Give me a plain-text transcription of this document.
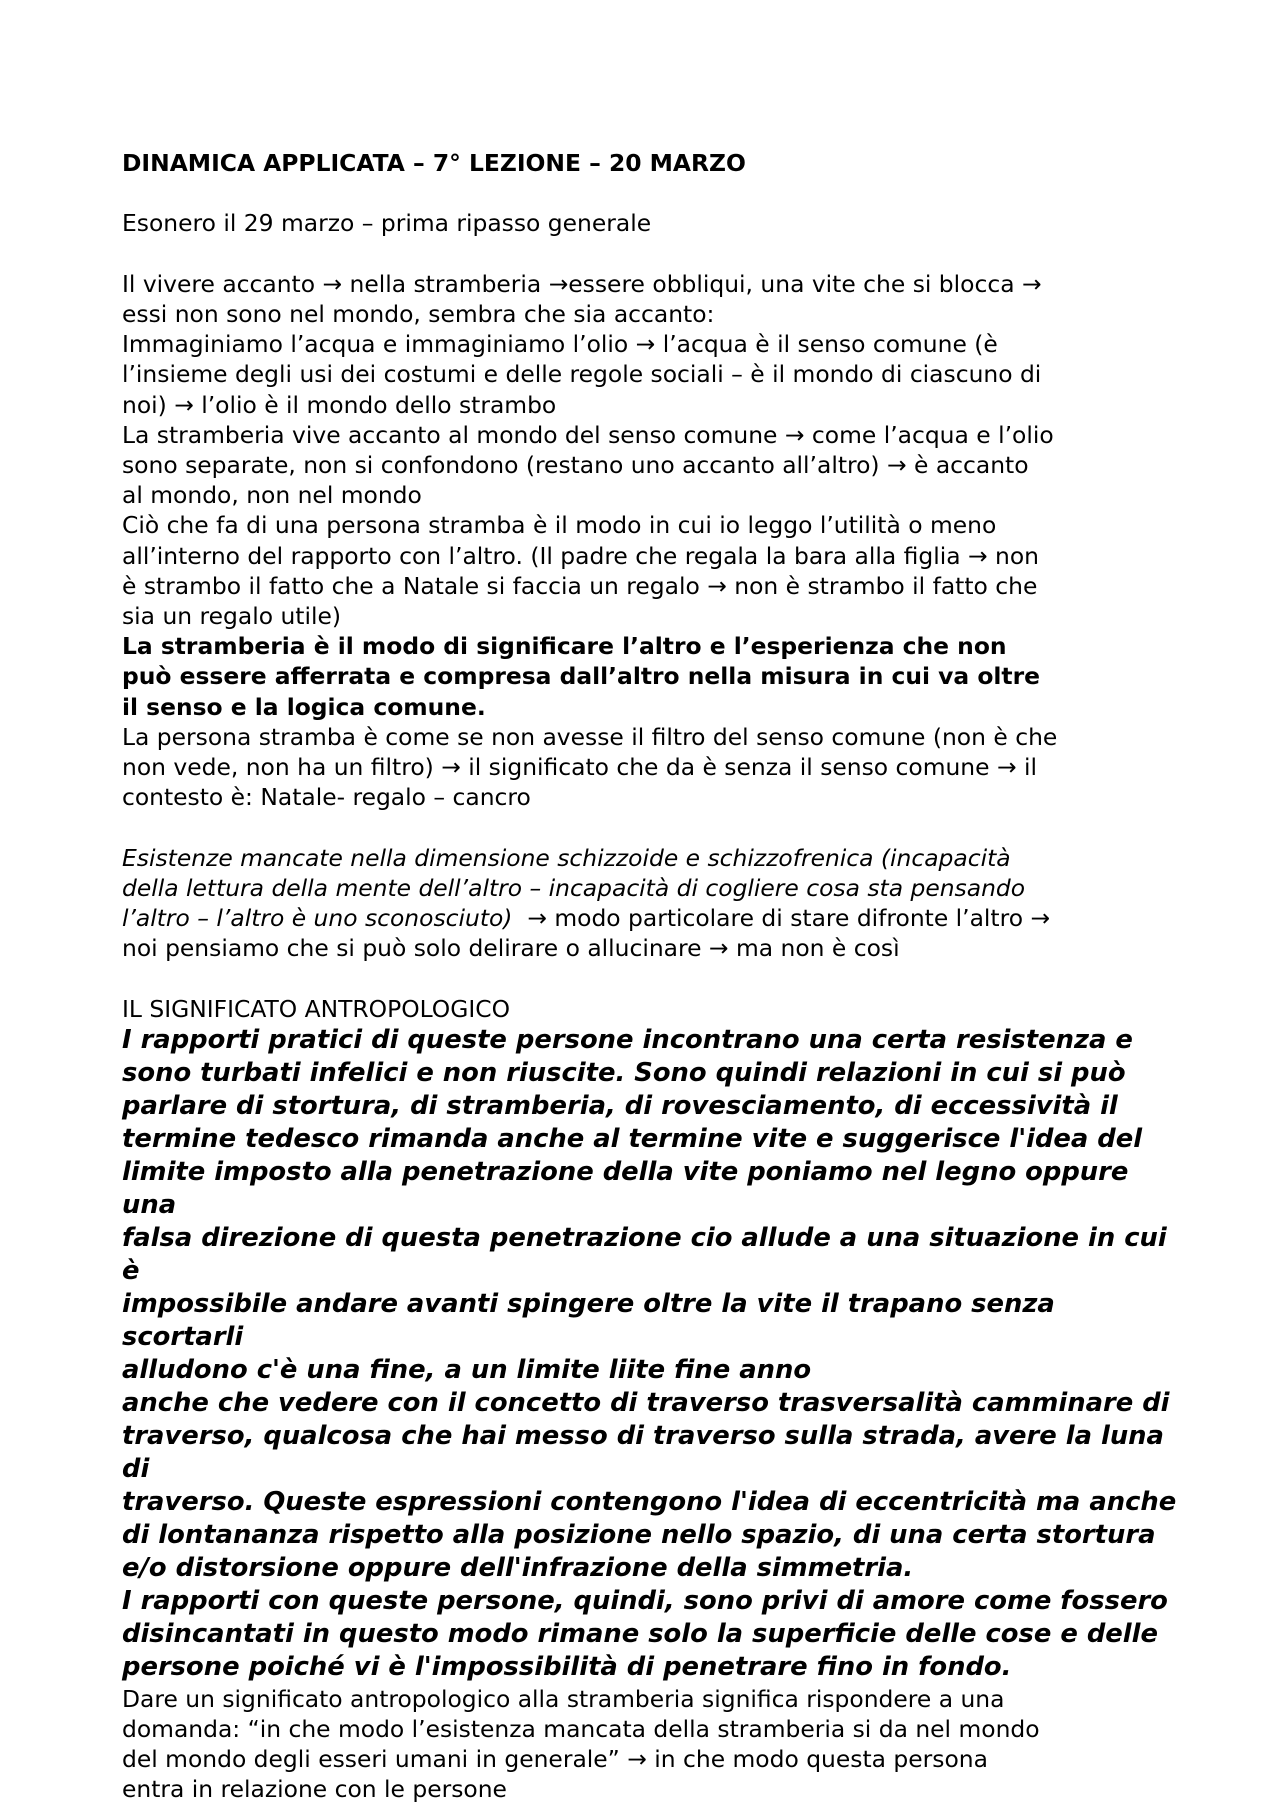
DINAMICA APPLICATA – 7° LEZIONE – 20 MARZO
Esonero il 29 marzo – prima ripasso generale
Il vivere accanto → nella stramberia →essere obbliqui, una vite che si blocca →
essi non sono nel mondo, sembra che sia accanto:
Immaginiamo l’acqua e immaginiamo l’olio → l’acqua è il senso comune (è
l’insieme degli usi dei costumi e delle regole sociali – è il mondo di ciascuno di
noi) → l’olio è il mondo dello strambo
La stramberia vive accanto al mondo del senso comune → come l’acqua e l’olio
sono separate, non si confondono (restano uno accanto all’altro) → è accanto
al mondo, non nel mondo
Ciò che fa di una persona stramba è il modo in cui io leggo l’utilità o meno
all’interno del rapporto con l’altro. (Il padre che regala la bara alla figlia → non
è strambo il fatto che a Natale si faccia un regalo → non è strambo il fatto che
sia un regalo utile)
La stramberia è il modo di significare l’altro e l’esperienza che non
può essere afferrata e compresa dall’altro nella misura in cui va oltre
il senso e la logica comune.
La persona stramba è come se non avesse il filtro del senso comune (non è che
non vede, non ha un filtro) → il significato che da è senza il senso comune → il
contesto è: Natale- regalo – cancro
Esistenze mancate nella dimensione schizzoide e schizzofrenica (incapacità
della lettura della mente dell’altro – incapacità di cogliere cosa sta pensando
l’altro – l’altro è uno sconosciuto) → modo particolare di stare difronte l’altro →
noi pensiamo che si può solo delirare o allucinare → ma non è così
IL SIGNIFICATO ANTROPOLOGICO
I rapporti pratici di queste persone incontrano una certa resistenza e
sono turbati infelici e non riuscite. Sono quindi relazioni in cui si può
parlare di stortura, di stramberia, di rovesciamento, di eccessività il
termine tedesco rimanda anche al termine vite e suggerisce l'idea del
limite imposto alla penetrazione della vite poniamo nel legno oppure una
falsa direzione di questa penetrazione cio allude a una situazione in cui è
impossibile andare avanti spingere oltre la vite il trapano senza scortarli
alludono c'è una fine, a un limite liite fine anno
anche che vedere con il concetto di traverso trasversalità camminare di
traverso, qualcosa che hai messo di traverso sulla strada, avere la luna di
traverso. Queste espressioni contengono l'idea di eccentricità ma anche
di lontananza rispetto alla posizione nello spazio, di una certa stortura
e/o distorsione oppure dell'infrazione della simmetria.
I rapporti con queste persone, quindi, sono privi di amore come fossero
disincantati in questo modo rimane solo la superficie delle cose e delle
persone poiché vi è l'impossibilità di penetrare fino in fondo.
Dare un significato antropologico alla stramberia significa rispondere a una
domanda: “in che modo l’esistenza mancata della stramberia si da nel mondo
del mondo degli esseri umani in generale” → in che modo questa persona
entra in relazione con le persone
